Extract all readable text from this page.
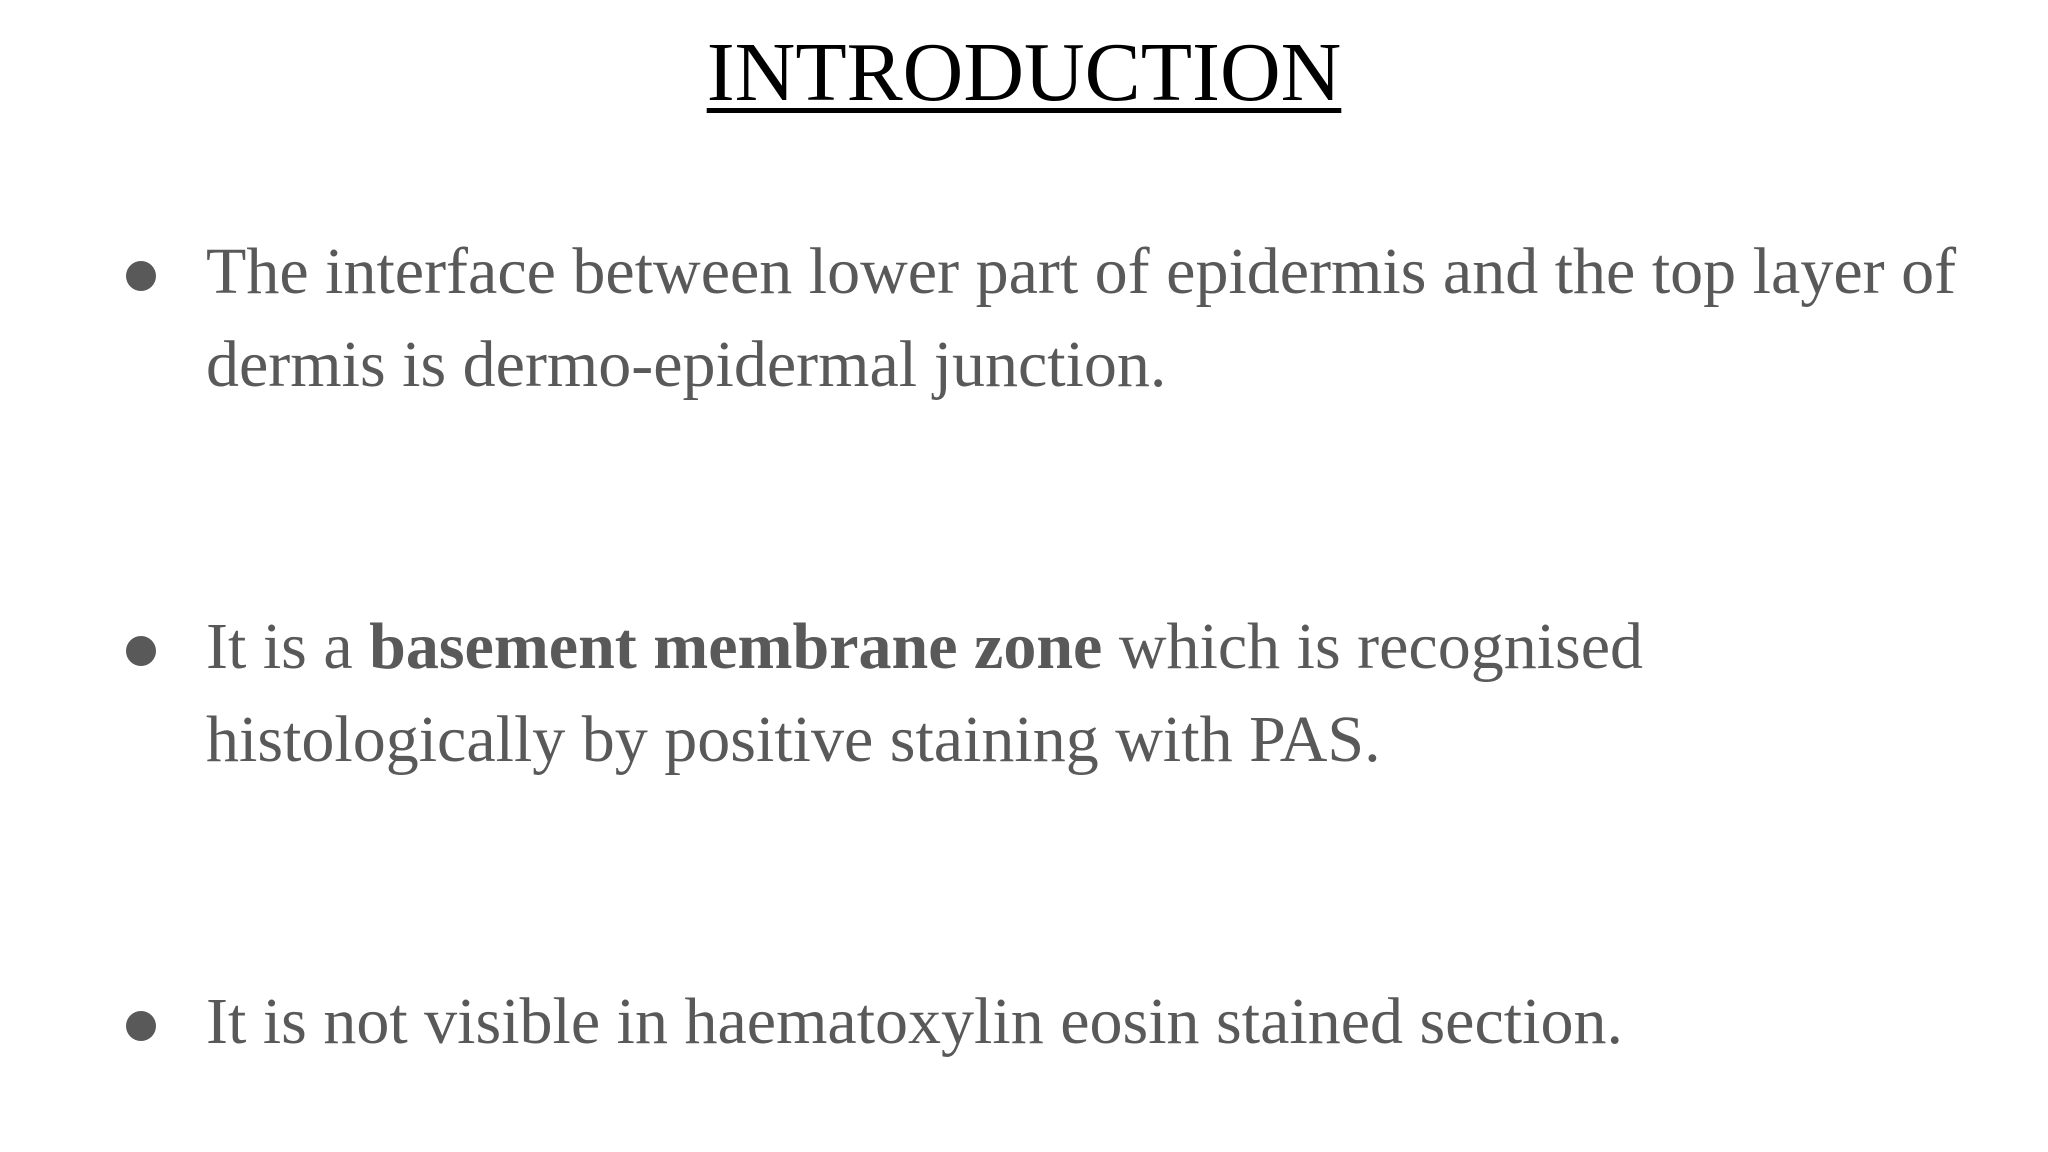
INTRODUCTION

The interface between lower part of epidermis and the top layer of dermis is dermo-epidermal junction.

It is a basement membrane zone which is recognised histologically by positive staining with PAS.

It is not visible in haematoxylin eosin stained section.
